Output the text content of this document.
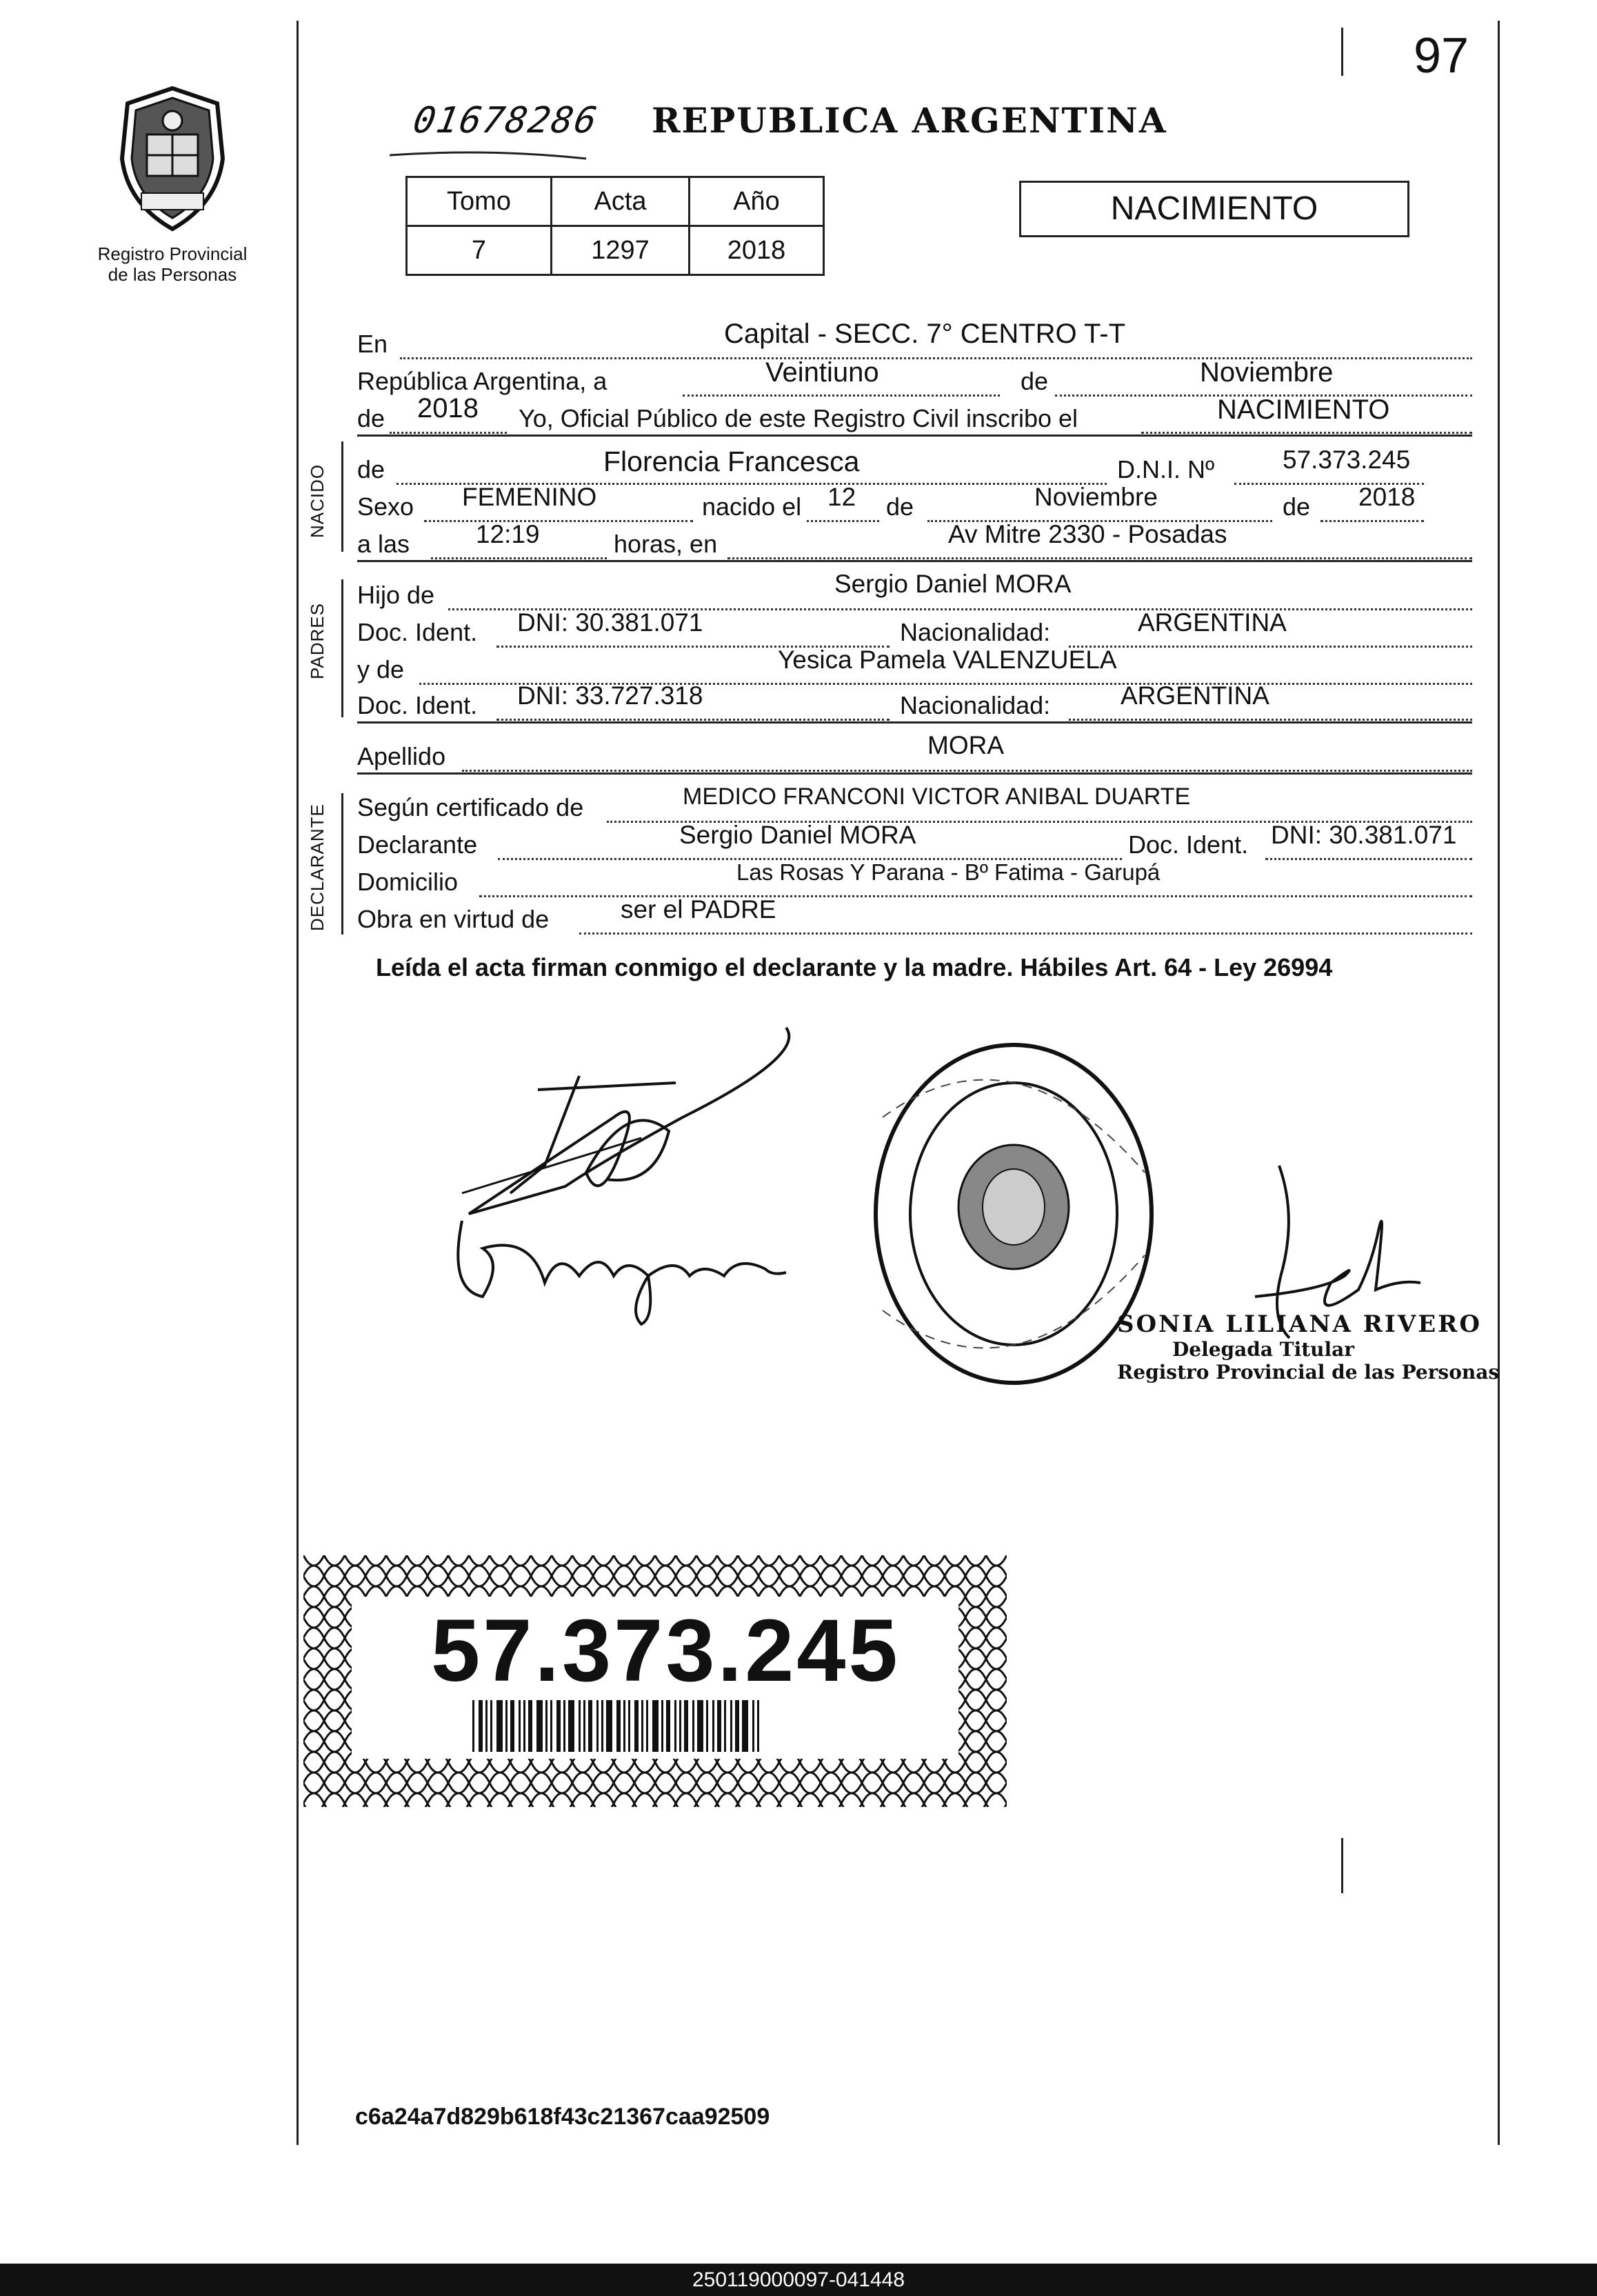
97
Registro Provincial
de las Personas
01678286 REPUBLICA ARGENTINA
Tomo	Acta	Año
7	1297	2018
NACIMIENTO
En	Capital - SECC. 7° CENTRO T-T
República Argentina, a	Veintiuno	de	Noviembre
de 2018 Yo, Oficial Público de este Registro Civil inscribo el	NACIMIENTO
NACIDO de	Florencia Francesca	D.N.I. Nº	57.373.245
Sexo FEMENINO	nacido el 12 de	Noviembre	de 2018
a las	12:19	horas, en	Av Mitre 2330 - Posadas
PADRES
Hijo de	Sergio Daniel MORA
Doc. Ident. DNI: 30.381.071	Nacionalidad:	ARGENTINA
y de	Yesica Pamela VALENZUELA
Doc. Ident. DNI: 33.727.318	Nacionalidad:	ARGENTINA
Apellido	MORA
DECLARANTE Según certificado de	MEDICO FRANCONI VICTOR ANIBAL DUARTE
Declarante	Sergio Daniel MORA	Doc. Ident. DNI: 30.381.071
Domicilio	Las Rosas Y Parana - Bº Fatima - Garupá
Obra en virtud de	ser el PADRE
Leída el acta firman conmigo el declarante y la madre. Hábiles Art. 64 - Ley 26994
SONIA LILIANA RIVERO
Delegada Titular
Registro Provincial de las Personas
57.373.245
c6a24a7d829b618f43c21367caa92509
250119000097-041448
